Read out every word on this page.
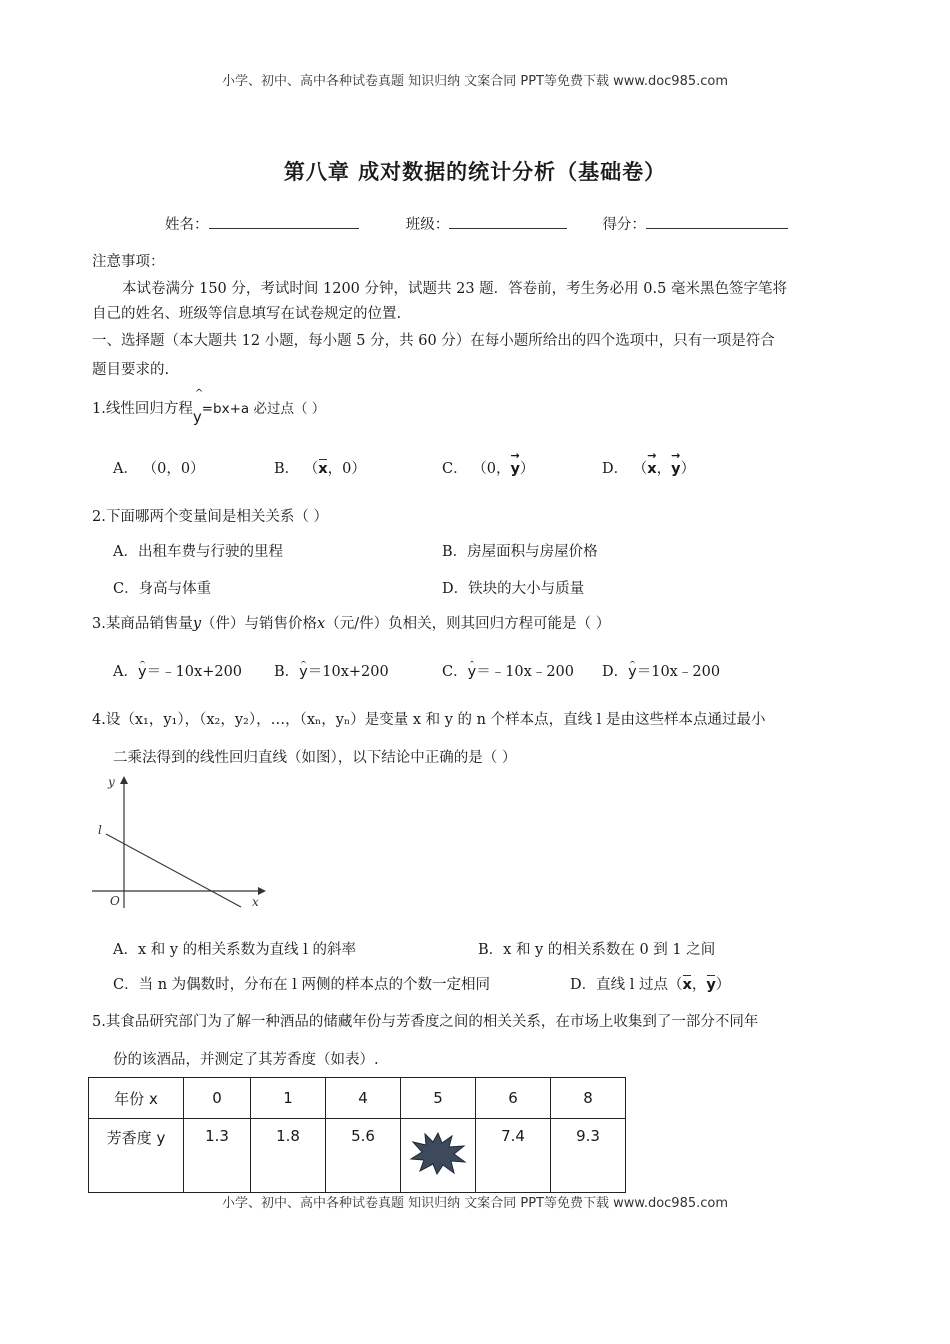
小学、初中、高中各种试卷真题 知识归纳 文案合同 PPT等免费下载 www.doc985.com
第八章 成对数据的统计分析（基础卷）
姓名：	班级：	得分：
注意事项：
本试卷满分 150 分，考试时间 1200 分钟，试题共 23 题．答卷前，考生务必用 0.5 毫米黑色签字笔将
自己的姓名、班级等信息填写在试卷规定的位置.
一、选择题（本大题共 12 小题，每小题 5 分，共 60 分）在每小题所给出的四个选项中，只有一项是符合
题目要求的.
1.线性回归方程
^
y=bx+a 必过点（ ）
A． （0，0）	B． （x，0）	C． （0，→ y）	D． （→ x，→ y）
2.下面哪两个变量间是相关关系（ ）
A．出租车费与行驶的里程	B．房屋面积与房屋价格
C．身高与体重	D．铁块的大小与质量
3.某商品销售量y（件）与销售价格x（元/件）负相关，则其回归方程可能是（ ）
A．y＝﹣10x+200 B．y＝10x+200	C．y＝﹣10x﹣200 D．y＝10x﹣200
4.设（x₁，y₁），（x₂，y₂），…，（xₙ，yₙ）是变量 x 和 y 的 n 个样本点，直线 l 是由这些样本点通过最小
二乘法得到的线性回归直线（如图），以下结论中正确的是（ ）
y
x
O
l
A．x 和 y 的相关系数为直线 l 的斜率	B．x 和 y 的相关系数在 0 到 1 之间
C．当 n 为偶数时，分布在 l 两侧的样本点的个数一定相同	D．直线 l 过点（x，y）
5.其食品研究部门为了解一种酒品的储藏年份与芳香度之间的相关关系，在市场上收集到了一部分不同年
份的该酒品，并测定了其芳香度（如表）.
年份 x	0	1	4	5	6	8
芳香度 y	1.3	1.8	5.6		7.4	9.3
小学、初中、高中各种试卷真题 知识归纳 文案合同 PPT等免费下载 www.doc985.com
